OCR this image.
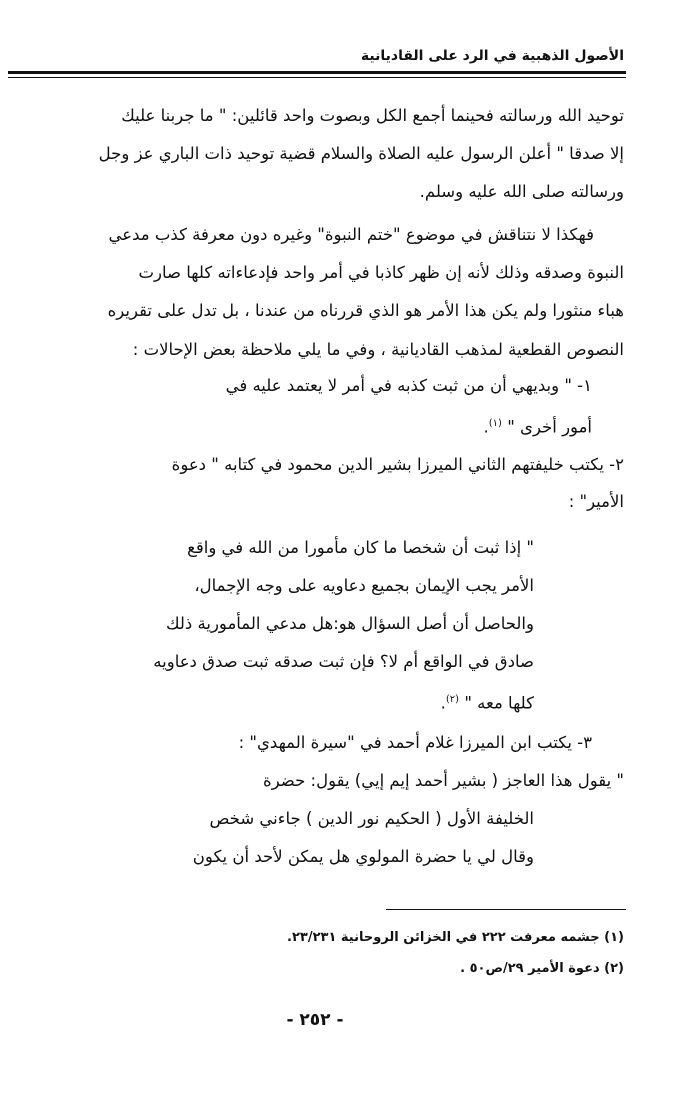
الأصول الذهبية في الرد على القاديانية
توحيد الله ورسالته فحينما أجمع الكل وبصوت واحد قائلين: " ما جربنا عليك
إلا صدقا " أعلن الرسول عليه الصلاة والسلام قضية توحيد ذات الباري عز وجل
ورسالته صلى الله عليه وسلم.
فهكذا لا نتناقش في موضوع "ختم النبوة" وغيره دون معرفة كذب مدعي
النبوة وصدقه وذلك لأنه إن ظهر كاذبا في أمر واحد فإدعاءاته كلها صارت
هباء منثورا ولم يكن هذا الأمر هو الذي قررناه من عندنا ، بل تدل على تقريره
النصوص القطعية لمذهب القاديانية ، وفي ما يلي ملاحظة بعض الإحالات :
١- " وبديهي أن من ثبت كذبه في أمر لا يعتمد عليه في
أمور أخرى " $^{(١)}$.
٢- يكتب خليفتهم الثاني الميرزا بشير الدين محمود في كتابه " دعوة
الأمير" :
" إذا ثبت أن شخصا ما كان مأمورا من الله في واقع
الأمر يجب الإيمان بجميع دعاويه على وجه الإجمال،
والحاصل أن أصل السؤال هو:هل مدعي المأمورية ذلك
صادق في الواقع أم لا؟ فإن ثبت صدقه ثبت صدق دعاويه
كلها معه " $^{(٢)}$.
٣- يكتب ابن الميرزا غلام أحمد في "سيرة المهدي" :
" يقول هذا العاجز ( بشير أحمد إيم إيي) يقول: حضرة
الخليفة الأول ( الحكيم نور الدين ) جاءني شخص
وقال لي يا حضرة المولوي هل يمكن لأحد أن يكون
(١) جشمه معرفت ٢٢٢ في الخزائن الروحانية ٢٣/٢٣١.
(٢) دعوة الأمير ٢٩/ص٥٠ .
- ٢٥٢ -
